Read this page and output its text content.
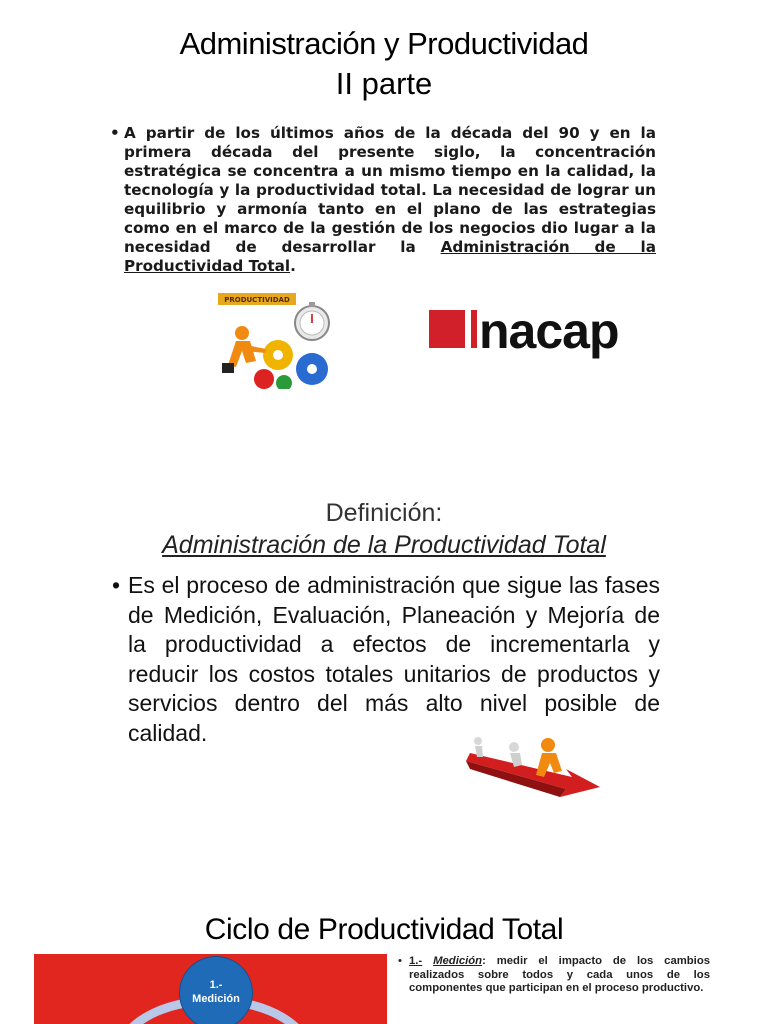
Administración y Productividad
II parte
• A partir de los últimos años de la década del 90 y en la primera década del presente siglo, la concentración estratégica se concentra a un mismo tiempo en la calidad, la tecnología y la productividad total. La necesidad de lograr un equilibrio y armonía tanto en el plano de las estrategias como en el marco de la gestión de los negocios dio lugar a la necesidad de desarrollar la Administración de la Productividad Total.
PRODUCTIVIDAD
nacap
Definición:
Administración de la Productividad Total
• Es el proceso de administración que sigue las fases de Medición, Evaluación, Planeación y Mejoría de la productividad a efectos de incrementarla y reducir los costos totales unitarios de productos y servicios dentro del más alto nivel posible de calidad.
Ciclo de Productividad Total
1.-
Medición
• 1.- Medición: medir el impacto de los cambios realizados sobre todos y cada unos de los componentes que participan en el proceso productivo.
